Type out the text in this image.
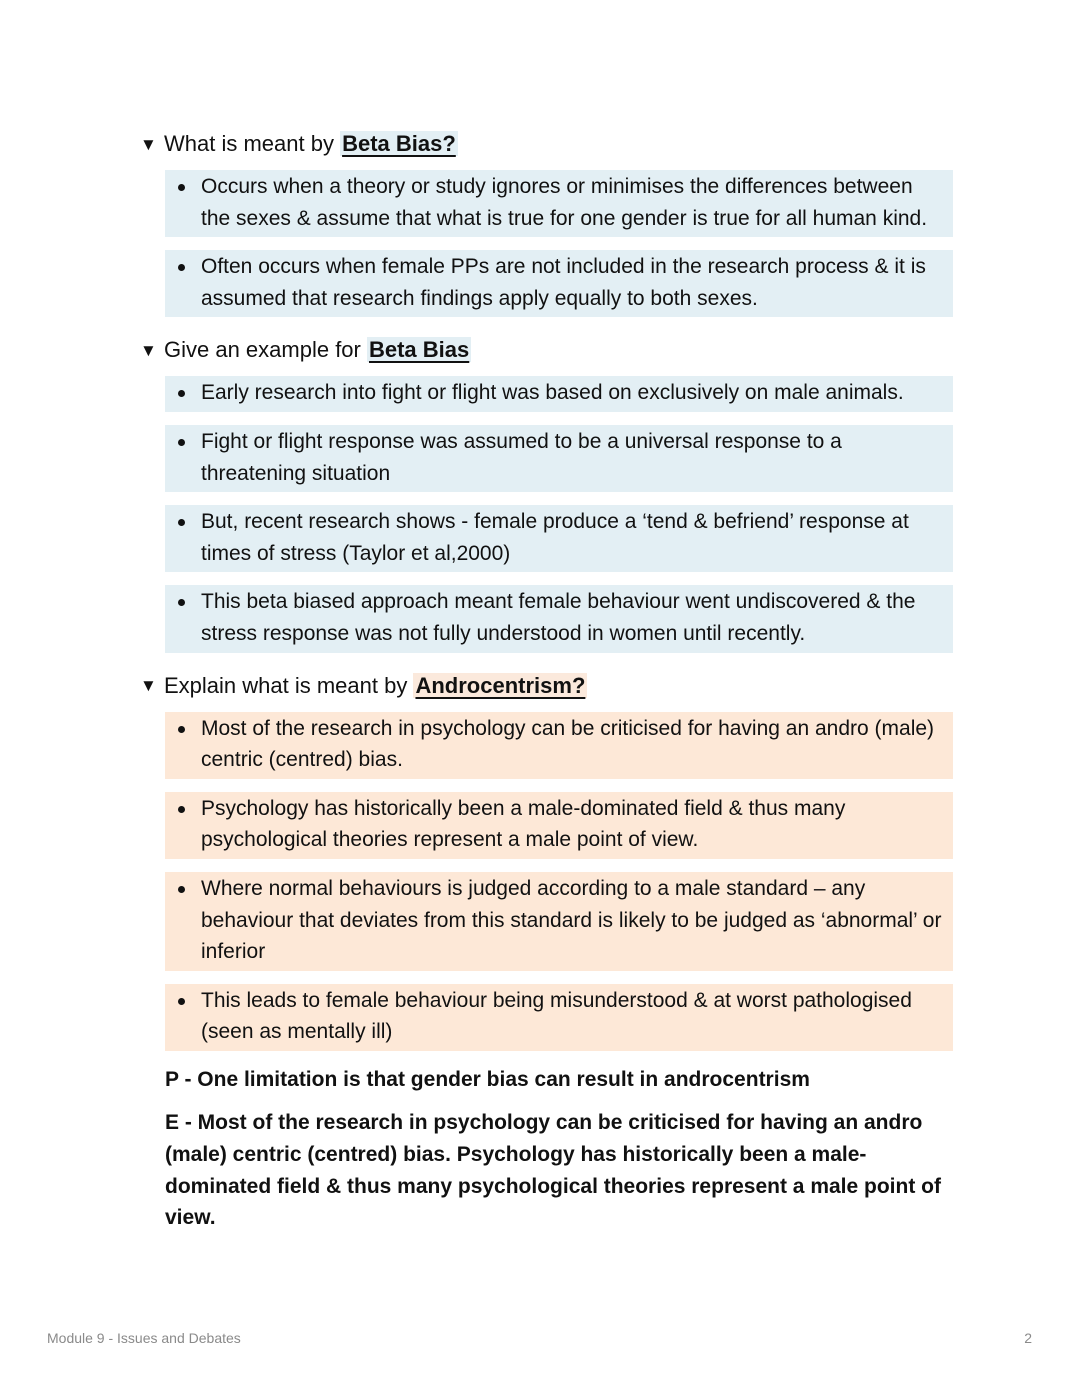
▼ What is meant by Beta Bias?
Occurs when a theory or study ignores or minimises the differences between the sexes & assume that what is true for one gender is true for all human kind.
Often occurs when female PPs are not included in the research process & it is assumed that research findings apply equally to both sexes.
▼ Give an example for Beta Bias
Early research into fight or flight was based on exclusively on male animals.
Fight or flight response was assumed to be a universal response to a threatening situation
But, recent research shows - female produce a ‘tend & befriend’ response at times of stress (Taylor et al,2000)
This beta biased approach meant female behaviour went undiscovered & the stress response was not fully understood in women until recently.
▼ Explain what is meant by Androcentrism?
Most of the research in psychology can be criticised for having an andro (male) centric (centred) bias.
Psychology has historically been a male-dominated field & thus many psychological theories represent a male point of view.
Where normal behaviours is judged according to a male standard – any behaviour that deviates from this standard is likely to be judged as ‘abnormal’ or inferior
This leads to female behaviour being misunderstood & at worst pathologised (seen as mentally ill)

P - One limitation is that gender bias can result in androcentrism

E - Most of the research in psychology can be criticised for having an andro (male) centric (centred) bias. Psychology has historically been a male-dominated field & thus many psychological theories represent a male point of view.

Module 9 - Issues and Debates	2
